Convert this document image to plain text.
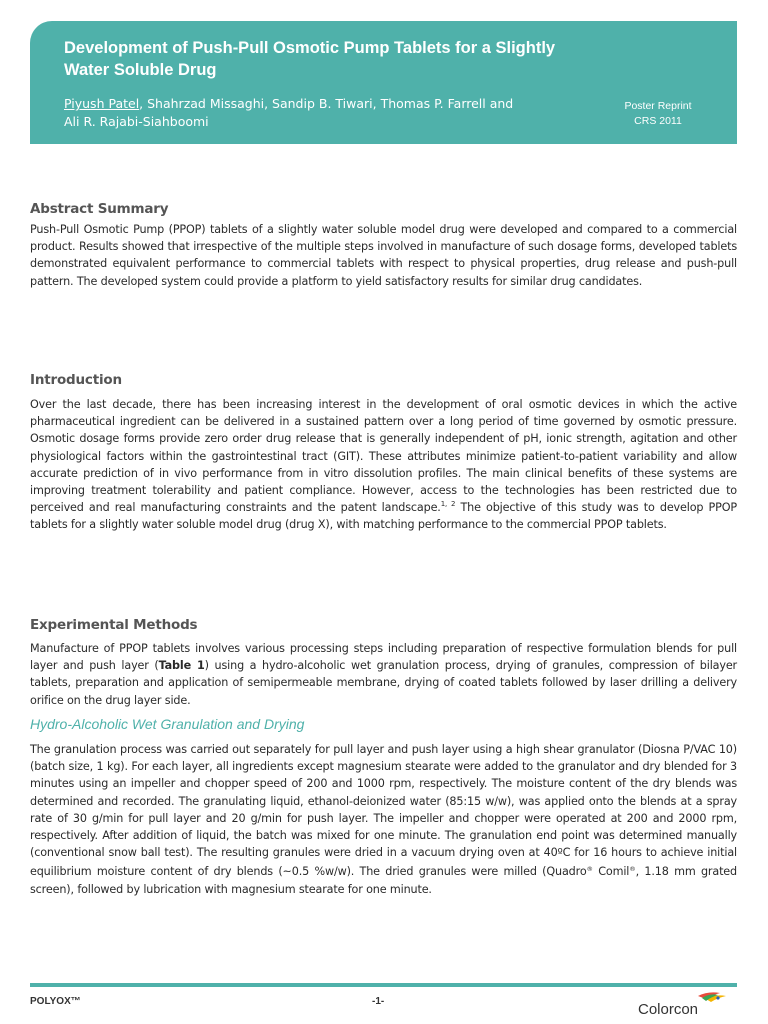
Development of Push-Pull Osmotic Pump Tablets for a Slightly
Water Soluble Drug
Piyush Patel, Shahrzad Missaghi, Sandip B. Tiwari, Thomas P. Farrell and
Ali R. Rajabi-Siahboomi
Poster Reprint
CRS 2011
Abstract Summary
Push-Pull Osmotic Pump (PPOP) tablets of a slightly water soluble model drug were developed and compared to a commercial product. Results showed that irrespective of the multiple steps involved in manufacture of such dosage forms, developed tablets demonstrated equivalent performance to commercial tablets with respect to physical properties, drug release and push-pull pattern. The developed system could provide a platform to yield satisfactory results for similar drug candidates.
Introduction
Over the last decade, there has been increasing interest in the development of oral osmotic devices in which the active pharmaceutical ingredient can be delivered in a sustained pattern over a long period of time governed by osmotic pressure. Osmotic dosage forms provide zero order drug release that is generally independent of pH, ionic strength, agitation and other physiological factors within the gastrointestinal tract (GIT). These attributes minimize patient-to-patient variability and allow accurate prediction of in vivo performance from in vitro dissolution profiles. The main clinical benefits of these systems are improving treatment tolerability and patient compliance. However, access to the technologies has been restricted due to perceived and real manufacturing constraints and the patent landscape.$^{1, 2}$ The objective of this study was to develop PPOP tablets for a slightly water soluble model drug (drug X), with matching performance to the commercial PPOP tablets.
Experimental Methods
Manufacture of PPOP tablets involves various processing steps including preparation of respective formulation blends for pull layer and push layer (Table 1) using a hydro-alcoholic wet granulation process, drying of granules, compression of bilayer tablets, preparation and application of semipermeable membrane, drying of coated tablets followed by laser drilling a delivery orifice on the drug layer side.
Hydro-Alcoholic Wet Granulation and Drying
The granulation process was carried out separately for pull layer and push layer using a high shear granulator (Diosna P/VAC 10) (batch size, 1 kg). For each layer, all ingredients except magnesium stearate were added to the granulator and dry blended for 3 minutes using an impeller and chopper speed of 200 and 1000 rpm, respectively. The moisture content of the dry blends was determined and recorded. The granulating liquid, ethanol-deionized water (85:15 w/w), was applied onto the blends at a spray rate of 30 g/min for pull layer and 20 g/min for push layer. The impeller and chopper were operated at 200 and 2000 rpm, respectively. After addition of liquid, the batch was mixed for one minute. The granulation end point was determined manually (conventional snow ball test). The resulting granules were dried in a vacuum drying oven at 40ºC for 16 hours to achieve initial equilibrium moisture content of dry blends (~0.5 %w/w). The dried granules were milled (Quadro® Comil®, 1.18 mm grated screen), followed by lubrication with magnesium stearate for one minute.
POLYOX™	-1-	Colorcon
